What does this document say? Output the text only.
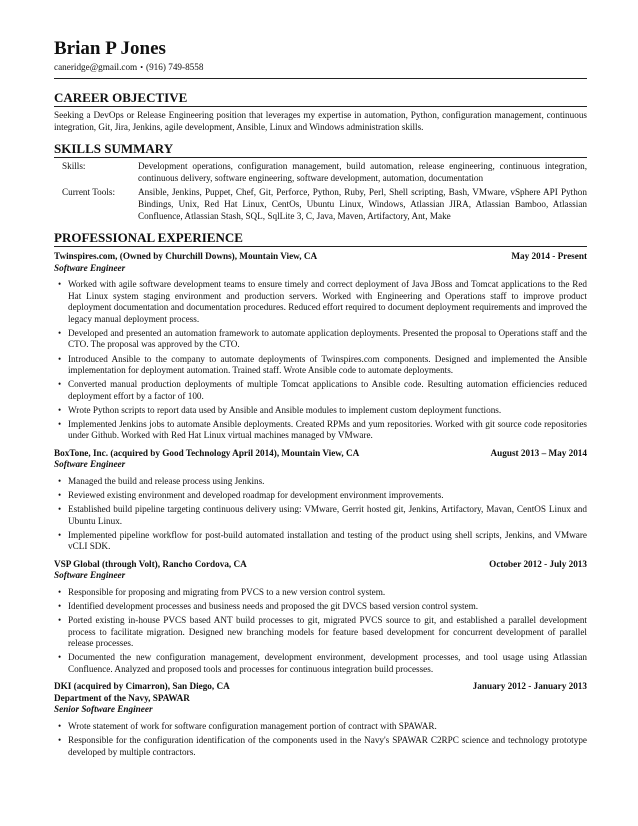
Brian P Jones
caneridge@gmail.com • (916) 749-8558
CAREER OBJECTIVE
Seeking a DevOps or Release Engineering position that leverages my expertise in automation, Python, configuration management, continuous integration, Git, Jira, Jenkins, agile development, Ansible, Linux and Windows administration skills.
SKILLS SUMMARY
Skills:	Development operations, configuration management, build automation, release engineering, continuous integration, continuous delivery, software engineering, software development, automation, documentation
Current Tools:	Ansible, Jenkins, Puppet, Chef, Git, Perforce, Python, Ruby, Perl, Shell scripting, Bash, VMware, vSphere API Python Bindings, Unix, Red Hat Linux, CentOs, Ubuntu Linux, Windows, Atlassian JIRA, Atlassian Bamboo, Atlassian Confluence, Atlassian Stash, SQL, SqlLite 3, C, Java, Maven, Artifactory, Ant, Make
PROFESSIONAL EXPERIENCE
Twinspires.com, (Owned by Churchill Downs), Mountain View, CA	May 2014 - Present
Software Engineer
• Worked with agile software development teams to ensure timely and correct deployment of Java JBoss and Tomcat applications to the Red Hat Linux system staging environment and production servers. Worked with Engineering and Operations staff to improve product deployment documentation and documentation procedures. Reduced effort required to document deployment requirements and improved the legacy manual deployment process.
• Developed and presented an automation framework to automate application deployments. Presented the proposal to Operations staff and the CTO. The proposal was approved by the CTO.
• Introduced Ansible to the company to automate deployments of Twinspires.com components. Designed and implemented the Ansible implementation for deployment automation. Trained staff. Wrote Ansible code to automate deployments.
• Converted manual production deployments of multiple Tomcat applications to Ansible code. Resulting automation efficiencies reduced deployment effort by a factor of 100.
• Wrote Python scripts to report data used by Ansible and Ansible modules to implement custom deployment functions.
• Implemented Jenkins jobs to automate Ansible deployments. Created RPMs and yum repositories. Worked with git source code repositories under Github. Worked with Red Hat Linux virtual machines managed by VMware.
BoxTone, Inc. (acquired by Good Technology April 2014), Mountain View, CA	August 2013 – May 2014
Software Engineer
• Managed the build and release process using Jenkins.
• Reviewed existing environment and developed roadmap for development environment improvements.
• Established build pipeline targeting continuous delivery using: VMware, Gerrit hosted git, Jenkins, Artifactory, Mavan, CentOS Linux and Ubuntu Linux.
• Implemented pipeline workflow for post-build automated installation and testing of the product using shell scripts, Jenkins, and VMware vCLI SDK.
VSP Global (through Volt), Rancho Cordova, CA	October 2012 - July 2013
Software Engineer
• Responsible for proposing and migrating from PVCS to a new version control system.
• Identified development processes and business needs and proposed the git DVCS based version control system.
• Ported existing in-house PVCS based ANT build processes to git, migrated PVCS source to git, and established a parallel development process to facilitate migration. Designed new branching models for feature based development for concurrent development of parallel release processes.
• Documented the new configuration management, development environment, development processes, and tool usage using Atlassian Confluence. Analyzed and proposed tools and processes for continuous integration build processes.
DKI (acquired by Cimarron), San Diego, CA	January 2012 - January 2013
Department of the Navy, SPAWAR
Senior Software Engineer
• Wrote statement of work for software configuration management portion of contract with SPAWAR.
• Responsible for the configuration identification of the components used in the Navy's SPAWAR C2RPC science and technology prototype developed by multiple contractors.
